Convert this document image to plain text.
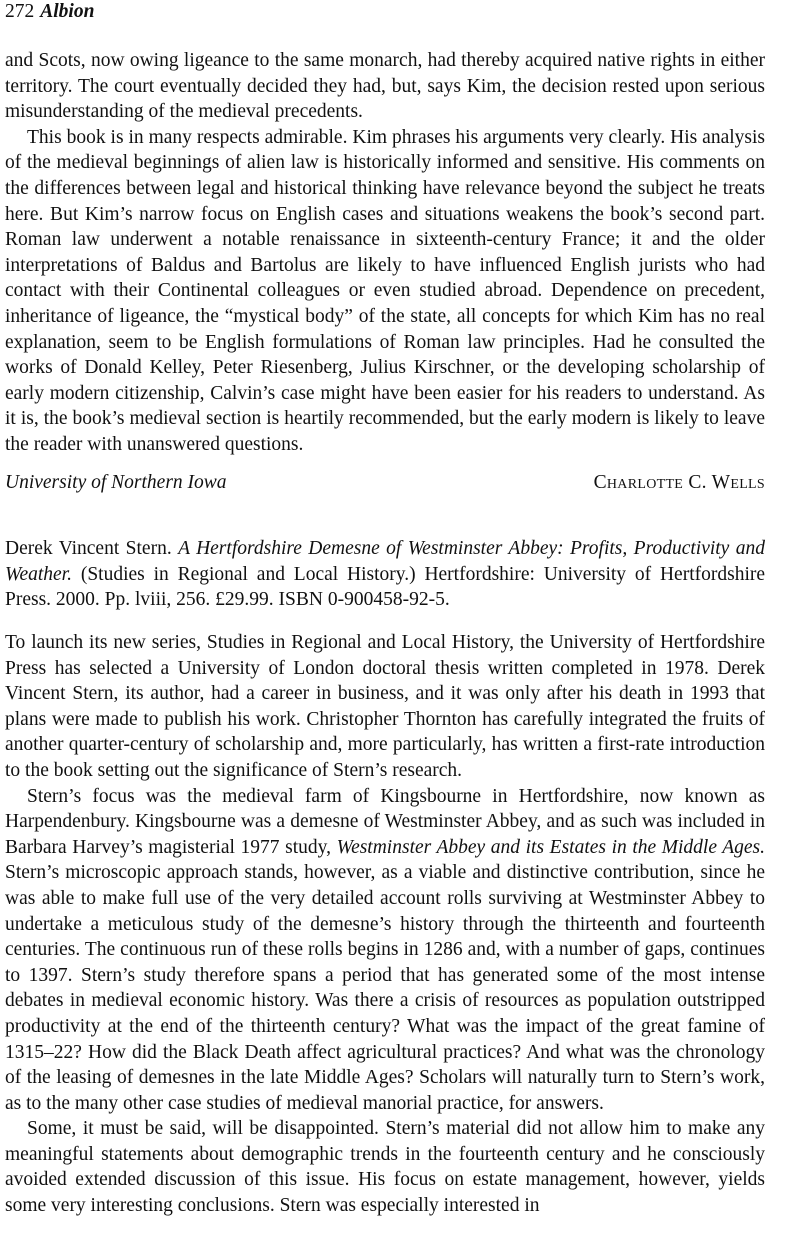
272 Albion

and Scots, now owing ligeance to the same monarch, had thereby acquired native rights in either territory. The court eventually decided they had, but, says Kim, the decision rested upon serious misunderstanding of the medieval precedents.

This book is in many respects admirable. Kim phrases his arguments very clearly. His analysis of the medieval beginnings of alien law is historically informed and sensitive. His comments on the differences between legal and historical thinking have relevance beyond the subject he treats here. But Kim’s narrow focus on English cases and situations weakens the book’s second part. Roman law underwent a notable renaissance in sixteenth-century France; it and the older interpretations of Baldus and Bartolus are likely to have influenced English jurists who had contact with their Continental colleagues or even studied abroad. Dependence on precedent, inheritance of ligeance, the “mystical body” of the state, all concepts for which Kim has no real explanation, seem to be English formulations of Roman law principles. Had he consulted the works of Donald Kelley, Peter Riesenberg, Julius Kirschner, or the developing scholarship of early modern citizenship, Calvin’s case might have been easier for his readers to understand. As it is, the book’s medieval section is heartily recommended, but the early modern is likely to leave the reader with unanswered questions.

University of Northern Iowa	Charlotte C. Wells
Derek Vincent Stern. A Hertfordshire Demesne of Westminster Abbey: Profits, Productivity and Weather. (Studies in Regional and Local History.) Hertfordshire: University of Hertfordshire Press. 2000. Pp. lviii, 256. £29.99. ISBN 0-900458-92-5.

To launch its new series, Studies in Regional and Local History, the University of Hertfordshire Press has selected a University of London doctoral thesis written completed in 1978. Derek Vincent Stern, its author, had a career in business, and it was only after his death in 1993 that plans were made to publish his work. Christopher Thornton has carefully integrated the fruits of another quarter-century of scholarship and, more particularly, has written a first-rate introduction to the book setting out the significance of Stern’s research.

Stern’s focus was the medieval farm of Kingsbourne in Hertfordshire, now known as Harpendenbury. Kingsbourne was a demesne of Westminster Abbey, and as such was included in Barbara Harvey’s magisterial 1977 study, Westminster Abbey and its Estates in the Middle Ages. Stern’s microscopic approach stands, however, as a viable and distinctive contribution, since he was able to make full use of the very detailed account rolls surviving at Westminster Abbey to undertake a meticulous study of the demesne’s history through the thirteenth and fourteenth centuries. The continuous run of these rolls begins in 1286 and, with a number of gaps, continues to 1397. Stern’s study therefore spans a period that has generated some of the most intense debates in medieval economic history. Was there a crisis of resources as population outstripped productivity at the end of the thirteenth century? What was the impact of the great famine of 1315–22? How did the Black Death affect agricultural practices? And what was the chronology of the leasing of demesnes in the late Middle Ages? Scholars will naturally turn to Stern’s work, as to the many other case studies of medieval manorial practice, for answers.

Some, it must be said, will be disappointed. Stern’s material did not allow him to make any meaningful statements about demographic trends in the fourteenth century and he consciously avoided extended discussion of this issue. His focus on estate management, however, yields some very interesting conclusions. Stern was especially interested in
